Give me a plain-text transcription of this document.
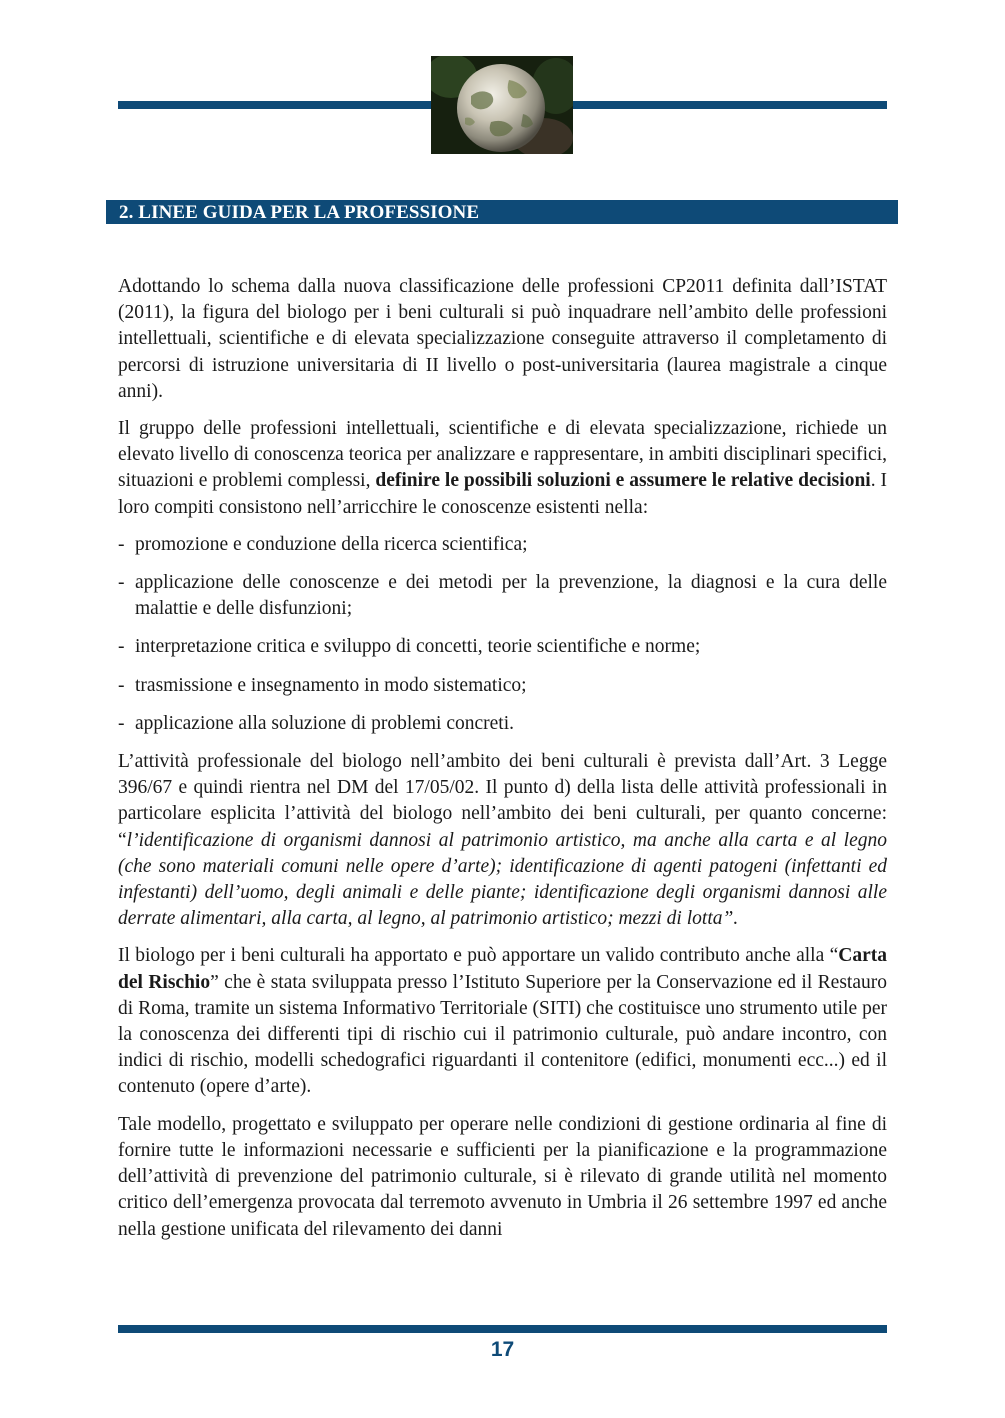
2. LINEE GUIDA PER LA PROFESSIONE

Adottando lo schema dalla nuova classificazione delle professioni CP2011 definita dall’ISTAT (2011), la figura del biologo per i beni culturali si può inquadrare nell’ambito delle professioni intellettuali, scientifiche e di elevata specializzazione conseguite attraverso il completamento di percorsi di istruzione universitaria di II livello o post-universitaria (laurea magistrale a cinque anni).

Il gruppo delle professioni intellettuali, scientifiche e di elevata specializzazione, richiede un elevato livello di conoscenza teorica per analizzare e rappresentare, in ambiti disciplinari specifici, situazioni e problemi complessi, definire le possibili soluzioni e assumere le relative decisioni. I loro compiti consistono nell’arricchire le conoscenze esistenti nella:

- promozione e conduzione della ricerca scientifica;
- applicazione delle conoscenze e dei metodi per la prevenzione, la diagnosi e la cura delle malattie e delle disfunzioni;
- interpretazione critica e sviluppo di concetti, teorie scientifiche e norme;
- trasmissione e insegnamento in modo sistematico;
- applicazione alla soluzione di problemi concreti.

L’attività professionale del biologo nell’ambito dei beni culturali è prevista dall’Art. 3 Legge 396/67 e quindi rientra nel DM del 17/05/02. Il punto d) della lista delle attività professionali in particolare esplicita l’attività del biologo nell’ambito dei beni culturali, per quanto concerne: “l’identificazione di organismi dannosi al patrimonio artistico, ma anche alla carta e al legno (che sono materiali comuni nelle opere d’arte); identificazione di agenti patogeni (infettanti ed infestanti) dell’uomo, degli animali e delle piante; identificazione degli organismi dannosi alle derrate alimentari, alla carta, al legno, al patrimonio artistico; mezzi di lotta”.

Il biologo per i beni culturali ha apportato e può apportare un valido contributo anche alla “Carta del Rischio” che è stata sviluppata presso l’Istituto Superiore per la Conservazione ed il Restauro di Roma, tramite un sistema Informativo Territoriale (SITI) che costituisce uno strumento utile per la conoscenza dei differenti tipi di rischio cui il patrimonio culturale, può andare incontro, con indici di rischio, modelli schedografici riguardanti il contenitore (edifici, monumenti ecc...) ed il contenuto (opere d’arte).

Tale modello, progettato e sviluppato per operare nelle condizioni di gestione ordinaria al fine di fornire tutte le informazioni necessarie e sufficienti per la pianificazione e la programmazione dell’attività di prevenzione del patrimonio culturale, si è rilevato di grande utilità nel momento critico dell’emergenza provocata dal terremoto avvenuto in Umbria il 26 settembre 1997 ed anche nella gestione unificata del rilevamento dei danni

17
